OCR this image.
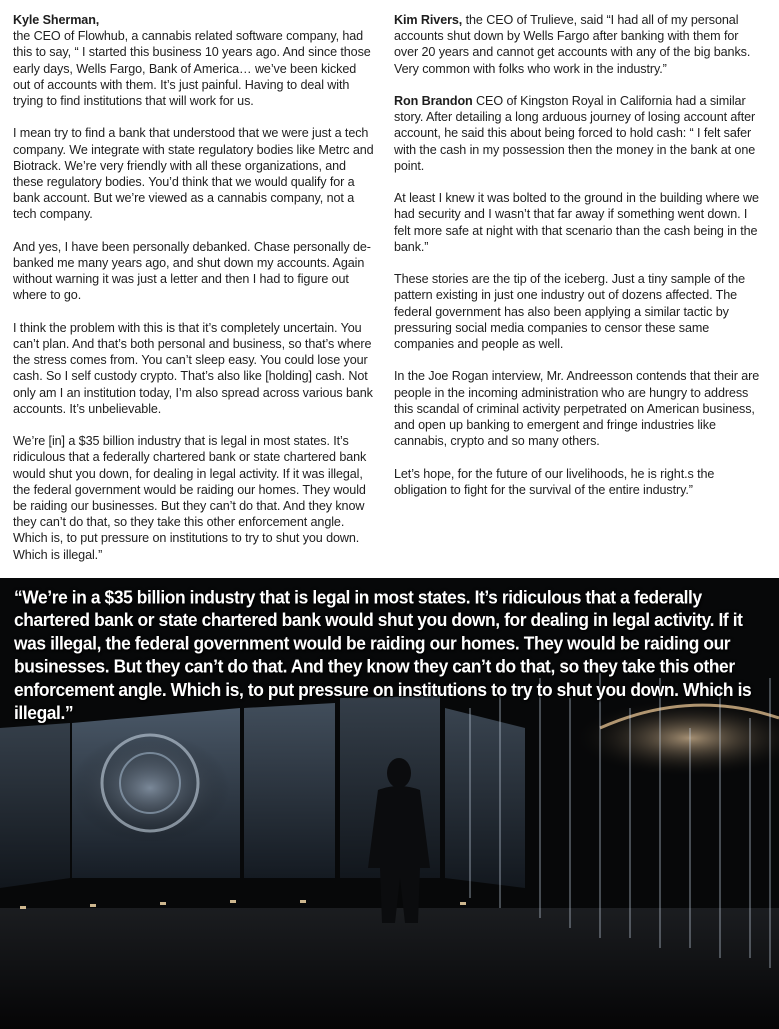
Kyle Sherman,

the CEO of Flowhub, a cannabis related software company, had this to say, “ I started this business 10 years ago. And since those early days, Wells Fargo, Bank of America… we’ve been kicked out of accounts with them. It’s just painful. Having to deal with trying to find institutions that will work for us.

I mean try to find a bank that understood that we were just a tech company. We integrate with state regulatory bodies like Metrc and Biotrack. We’re very friendly with all these organizations, and these regulatory bodies. You’d think that we would qualify for a bank account. But we’re viewed as a cannabis company, not a tech company.

And yes, I have been personally debanked. Chase personally debanked me many years ago, and shut down my accounts. Again without warning it was just a letter and then I had to figure out where to go.

I think the problem with this is that it’s completely uncertain. You can’t plan. And that’s both personal and business, so that’s where the stress comes from. You can’t sleep easy. You could lose your cash. So I self custody crypto. That’s also like [holding] cash. Not only am I an institution today, I’m also spread across various bank accounts. It’s unbelievable.

We’re [in] a $35 billion industry that is legal in most states. It’s ridiculous that a federally chartered bank or state chartered bank would shut you down, for dealing in legal activity. If it was illegal, the federal government would be raiding our homes. They would be raiding our businesses. But they can’t do that. And they know they can’t do that, so they take this other enforcement angle. Which is, to put pressure on institutions to try to shut you down. Which is illegal.”

Kim Rivers, the CEO of Trulieve, said “I had all of my personal accounts shut down by Wells Fargo after banking with them for over 20 years and cannot get accounts with any of the big banks. Very common with folks who work in the industry.”

Ron Brandon CEO of Kingston Royal in California had a similar story. After detailing a long arduous journey of losing account after account, he said this about being forced to hold cash: “ I felt safer with the cash in my possession then the money in the bank at one point.

At least I knew it was bolted to the ground in the building where we had security and I wasn’t that far away if something went down. I felt more safe at night with that scenario than the cash being in the bank.”

These stories are the tip of the iceberg. Just a tiny sample of the pattern existing in just one industry out of dozens affected. The federal government has also been applying a similar tactic by pressuring social media companies to censor these same companies and people as well.

In the Joe Rogan interview, Mr. Andreesson contends that their are people in the incoming administration who are hungry to address this scandal of criminal activity perpetrated on American business, and open up banking to emergent and fringe industries like cannabis, crypto and so many others.

Let’s hope, for the future of our livelihoods, he is right.s the obligation to fight for the survival of the entire industry.”

“We’re in a $35 billion industry that is legal in most states. It’s ridiculous that a federally chartered bank or state chartered bank would shut you down, for dealing in legal activity. If it was illegal, the federal government would be raiding our homes. They would be raiding our businesses. But they can’t do that. And they know they can’t do that, so they take this other enforcement angle. Which is, to put pressure on institutions to try to shut you down. Which is illegal.”
